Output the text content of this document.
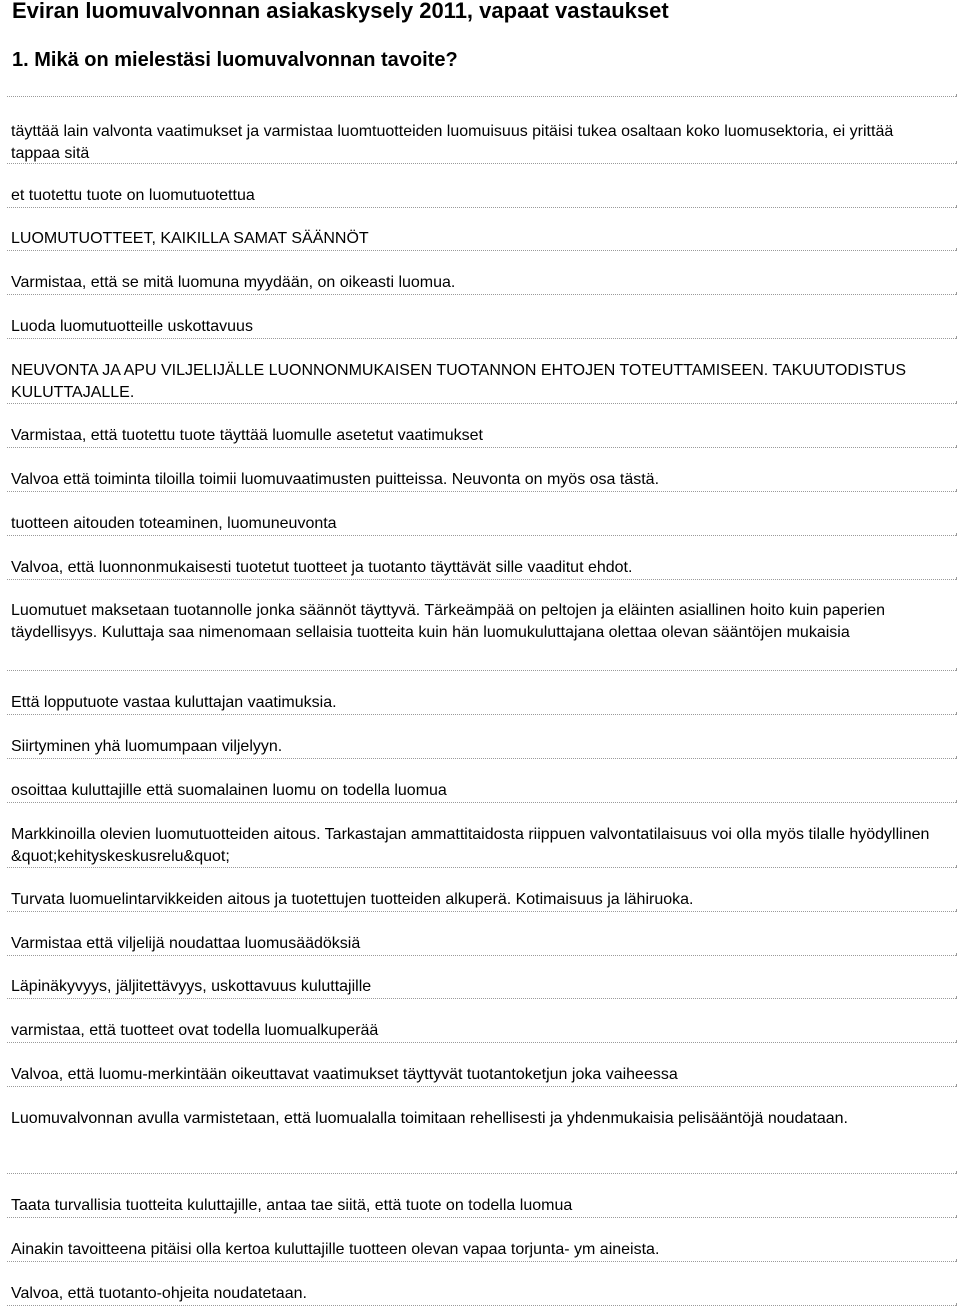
Eviran luomuvalvonnan asiakaskysely 2011, vapaat vastaukset
1. Mikä on mielestäsi luomuvalvonnan tavoite?

täyttää lain valvonta vaatimukset ja varmistaa luomtuotteiden luomuisuus pitäisi tukea osaltaan koko luomusektoria, ei yrittää tappaa sitä

et tuotettu tuote on luomutuotettua

LUOMUTUOTTEET, KAIKILLA SAMAT SÄÄNNÖT

Varmistaa, että se mitä luomuna myydään, on oikeasti luomua.

Luoda luomutuotteille uskottavuus

NEUVONTA JA APU VILJELIJÄLLE LUONNONMUKAISEN TUOTANNON EHTOJEN TOTEUTTAMISEEN. TAKUUTODISTUS KULUTTAJALLE.

Varmistaa, että tuotettu tuote täyttää luomulle asetetut vaatimukset

Valvoa että toiminta tiloilla toimii luomuvaatimusten puitteissa. Neuvonta on myös osa tästä.

tuotteen aitouden toteaminen, luomuneuvonta

Valvoa, että luonnonmukaisesti tuotetut tuotteet ja tuotanto täyttävät sille vaaditut ehdot.

Luomutuet maksetaan tuotannolle jonka säännöt täyttyvä. Tärkeämpää on peltojen ja eläinten asiallinen hoito kuin paperien täydellisyys. Kuluttaja saa nimenomaan sellaisia tuotteita kuin hän luomukuluttajana olettaa olevan sääntöjen mukaisia

Että lopputuote vastaa kuluttajan vaatimuksia.

Siirtyminen yhä luomumpaan viljelyyn.

osoittaa kuluttajille että suomalainen luomu on todella luomua

Markkinoilla olevien luomutuotteiden aitous. Tarkastajan ammattitaidosta riippuen valvontatilaisuus voi olla myös tilalle hyödyllinen &quot;kehityskeskusrelu&quot;

Turvata luomuelintarvikkeiden aitous ja tuotettujen tuotteiden alkuperä. Kotimaisuus ja lähiruoka.

Varmistaa että viljelijä noudattaa luomusäädöksiä

Läpinäkyvyys, jäljitettävyys, uskottavuus kuluttajille

varmistaa, että tuotteet ovat todella luomualkuperää

Valvoa, että luomu-merkintään oikeuttavat vaatimukset täyttyvät tuotantoketjun joka vaiheessa

Luomuvalvonnan avulla varmistetaan, että luomualalla toimitaan rehellisesti ja yhdenmukaisia pelisääntöjä noudataan.

Taata turvallisia tuotteita kuluttajille, antaa tae siitä, että tuote on todella luomua

Ainakin tavoitteena pitäisi olla kertoa kuluttajille tuotteen olevan vapaa torjunta- ym aineista.

Valvoa, että tuotanto-ohjeita noudatetaan.
